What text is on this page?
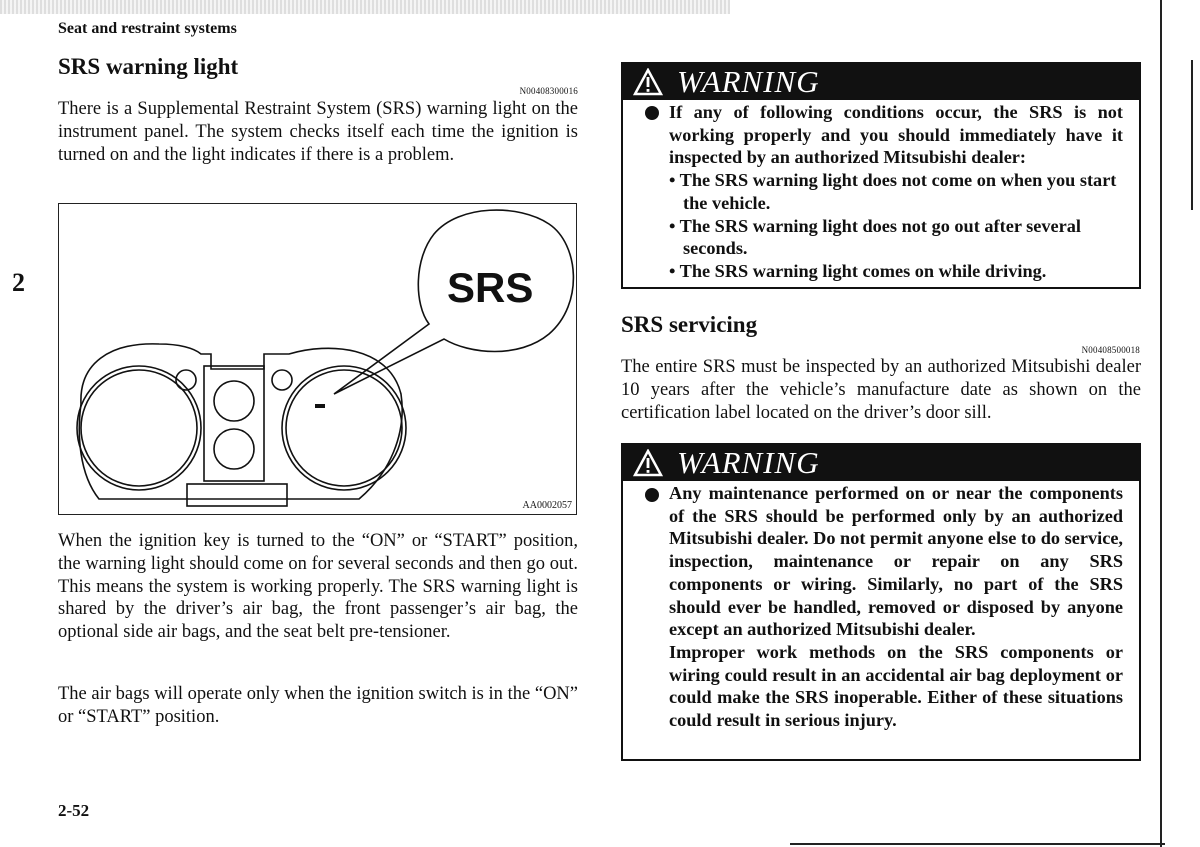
Seat and restraint systems
2
SRS warning light
N00408300016
There is a Supplemental Restraint System (SRS) warning light on the instrument panel. The system checks itself each time the ignition is turned on and the light indicates if there is a problem.
SRS
AA0002057
When the ignition key is turned to the “ON” or “START” position, the warning light should come on for several seconds and then go out. This means the system is working properly. The SRS warning light is shared by the driver’s air bag, the front passenger’s air bag, the optional side air bags, and the seat belt pre-tensioner.
The air bags will operate only when the ignition switch is in the “ON” or “START” position.
2-52
WARNING
If any of following conditions occur, the SRS is not working properly and you should immediately have it inspected by an authorized Mitsubishi dealer:
• The SRS warning light does not come on when you start the vehicle.
• The SRS warning light does not go out after several seconds.
• The SRS warning light comes on while driving.
SRS servicing
N00408500018
The entire SRS must be inspected by an authorized Mitsubishi dealer 10 years after the vehicle’s manufacture date as shown on the certification label located on the driver’s door sill.
WARNING
Any maintenance performed on or near the components of the SRS should be performed only by an authorized Mitsubishi dealer. Do not permit anyone else to do service, inspection, maintenance or repair on any SRS components or wiring. Similarly, no part of the SRS should ever be handled, removed or disposed by anyone except an authorized Mitsubishi dealer.
Improper work methods on the SRS components or wiring could result in an accidental air bag deployment or could make the SRS inoperable. Either of these situations could result in serious injury.
